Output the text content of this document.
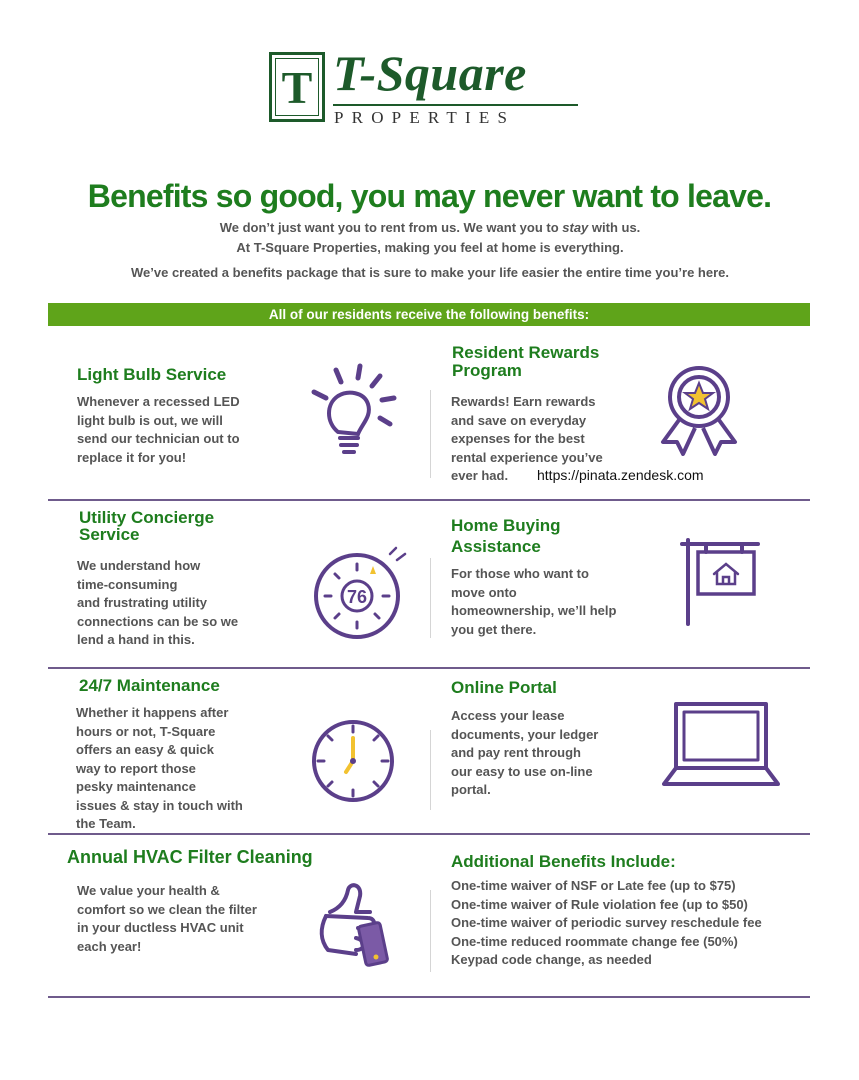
T T-Square
PROPERTIES
Benefits so good, you may never want to leave.
We don’t just want you to rent from us. We want you to stay with us.
At T-Square Properties, making you feel at home is everything.
We’ve created a benefits package that is sure to make your life easier the entire time you’re here.
All of our residents receive the following benefits:
Light Bulb Service
Whenever a recessed LED
light bulb is out, we will
send our technician out to
replace it for you!
Resident Rewards
Program
Rewards! Earn rewards
and save on everyday
expenses for the best
rental experience you’ve
ever had.	https://pinata.zendesk.com
Utility Concierge
Service
We understand how
time-consuming
and frustrating utility
connections can be so we
lend a hand in this.
76
Home Buying
Assistance
For those who want to
move onto
homeownership, we’ll help
you get there.
24/7 Maintenance
Whether it happens after
hours or not, T-Square
offers an easy & quick
way to report those
pesky maintenance
issues & stay in touch with
the Team.
Online Portal
Access your lease
documents, your ledger
and pay rent through
our easy to use on-line
portal.
Annual HVAC Filter Cleaning
We value your health &
comfort so we clean the filter
in your ductless HVAC unit
each year!
Additional Benefits Include:
One-time waiver of NSF or Late fee (up to $75)
One-time waiver of Rule violation fee (up to $50)
One-time waiver of periodic survey reschedule fee
One-time reduced roommate change fee (50%)
Keypad code change, as needed
